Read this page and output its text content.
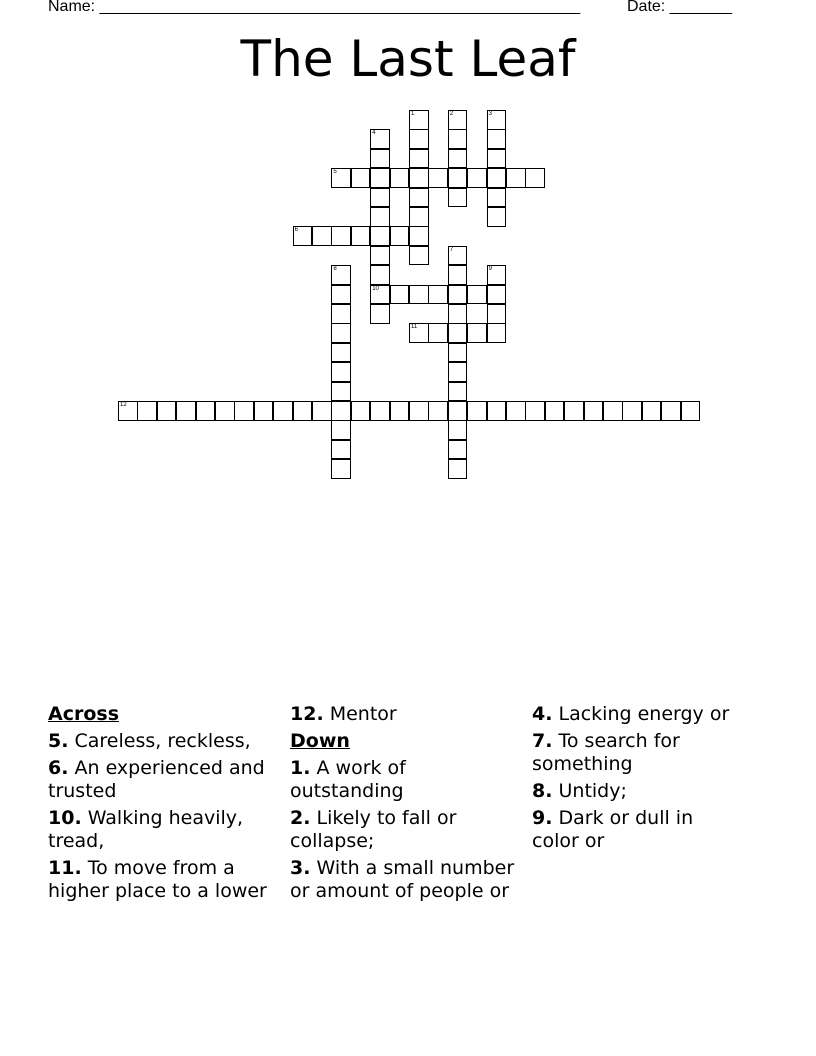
Name: ______________________________________________________	Date: _______
The Last Leaf
12
5
6
10
11
1	2	3
4
7
8	9
Across
5. Careless, reckless,
6. An experienced and trusted
10. Walking heavily, tread,
11. To move from a higher place to a lower
12. Mentor
Down
1. A work of outstanding
2. Likely to fall or collapse;
3. With a small number or amount of people or
4. Lacking energy or
7. To search for something
8. Untidy;
9. Dark or dull in color or
